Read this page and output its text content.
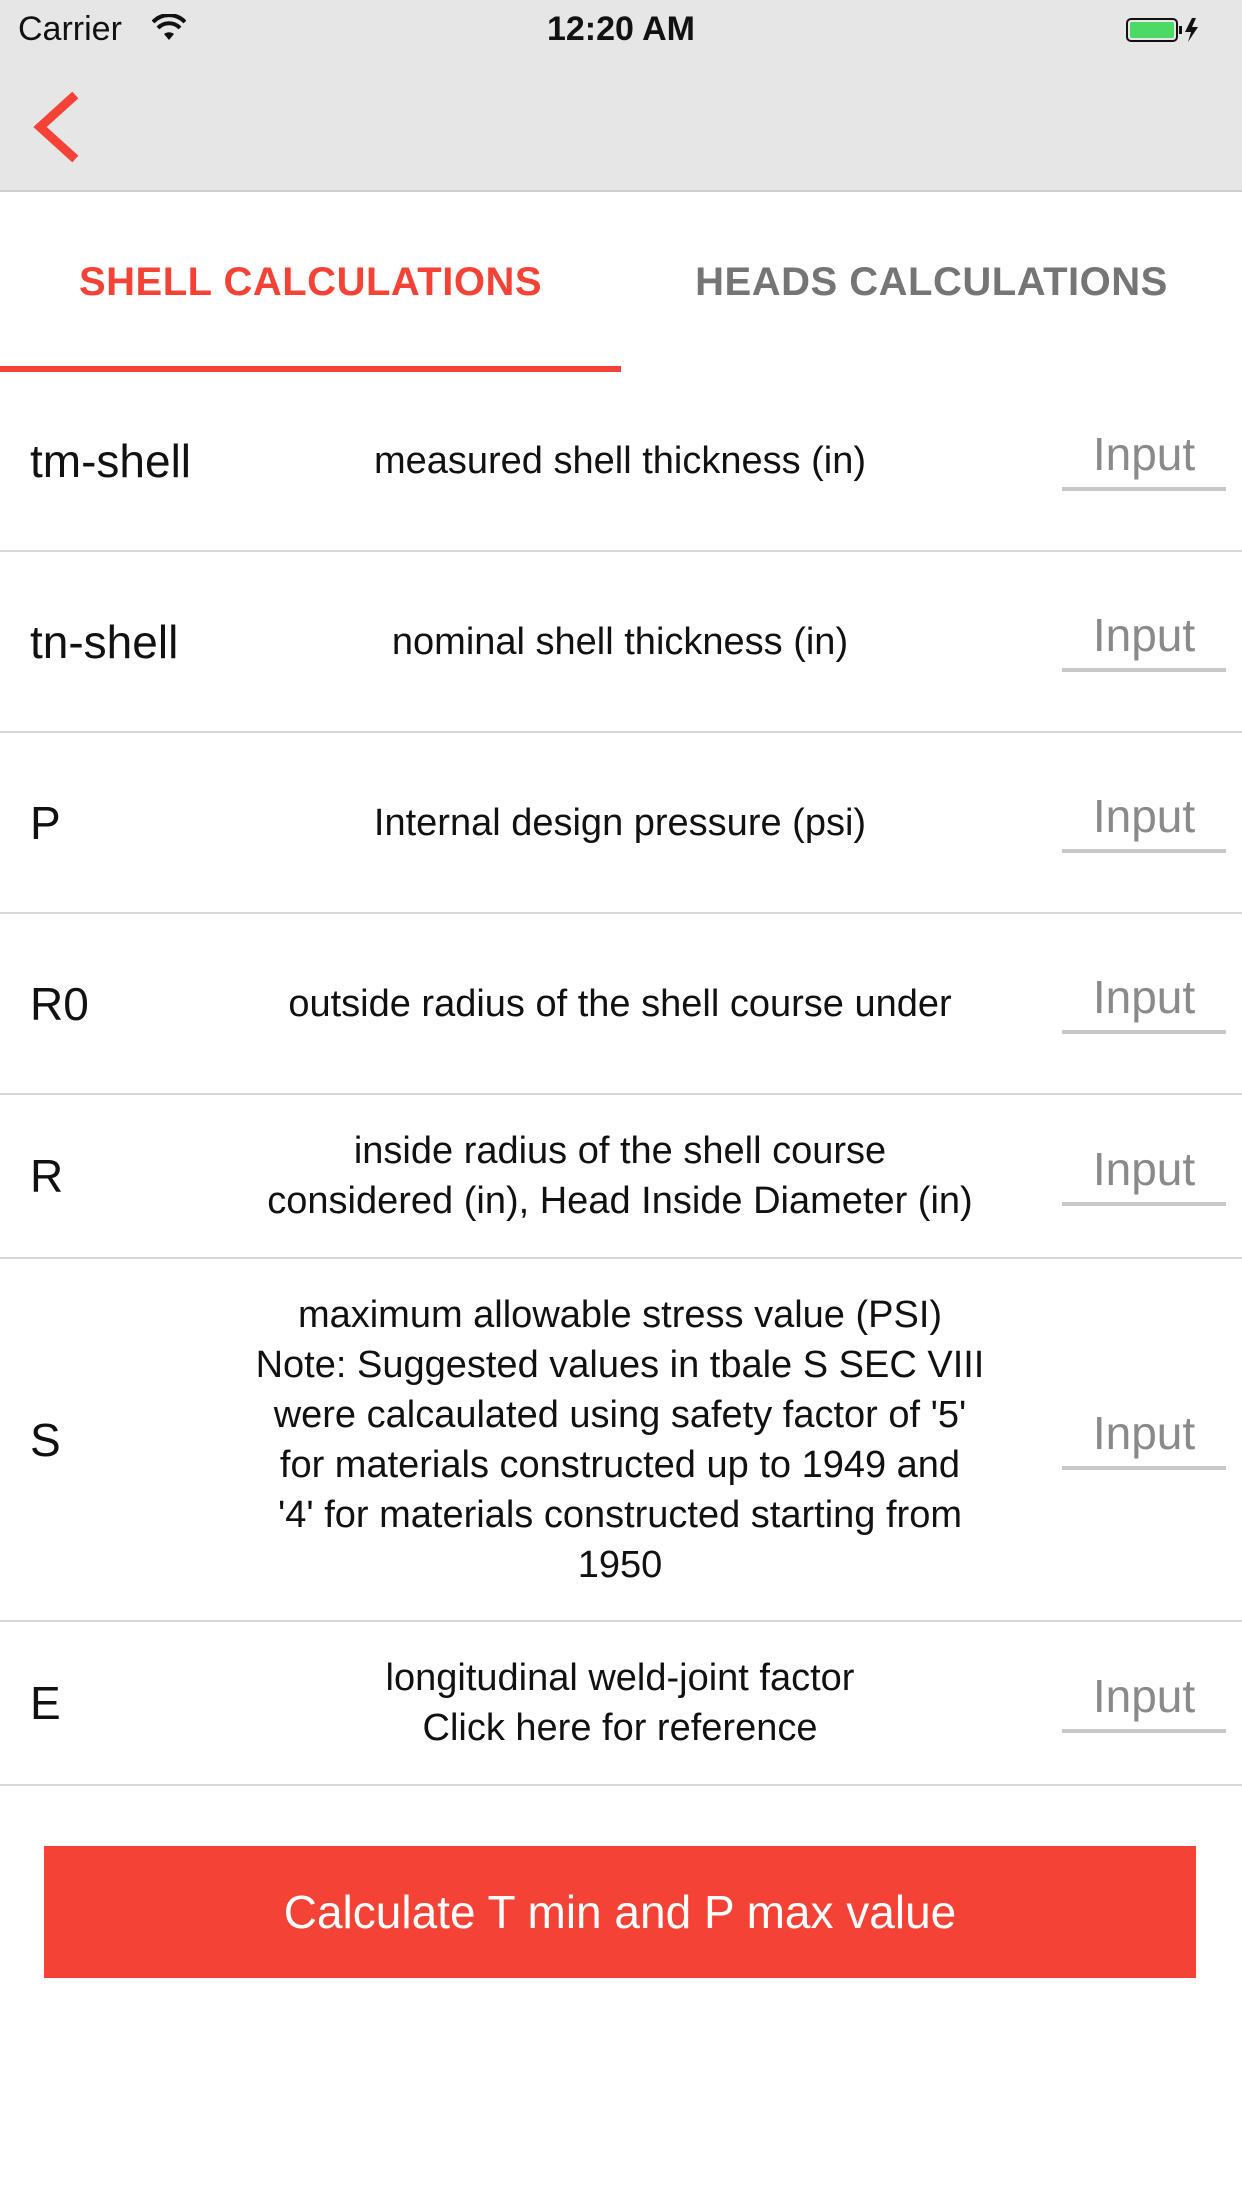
Carrier	12:20 AM
SHELL CALCULATIONS	HEADS CALCULATIONS
tm-shell	measured shell thickness (in)
Input
tn-shell	nominal shell thickness (in)
Input
P	Internal design pressure (psi)
Input
R0	outside radius of the shell course under
Input
R	inside radius of the shell course
considered (in), Head Inside Diameter (in)
Input
S
maximum allowable stress value (PSI)
Note: Suggested values in tbale S SEC VIII
were calcaulated using safety factor of '5'
for materials constructed up to 1949 and
'4' for materials constructed starting from
1950
Input
E	longitudinal weld-joint factor
Click here for reference
Input
Calculate T min and P max value
